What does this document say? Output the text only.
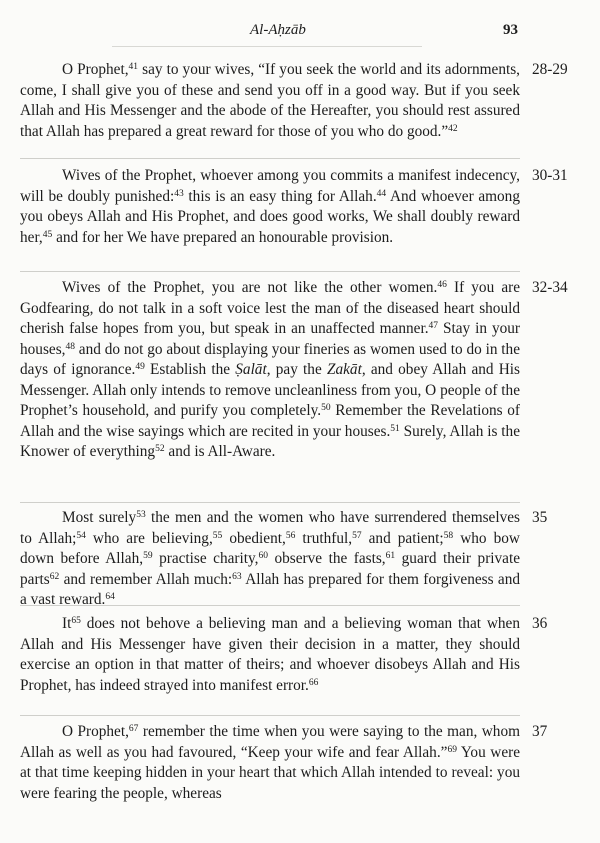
Al-Aḥzāb	93

O Prophet,$^{41}$ say to your wives, “If you seek the world and its adornments, come, I shall give you of these and send you off in a good way. But if you seek Allah and His Messenger and the abode of the Hereafter, you should rest assured that Allah has prepared a great reward for those of you who do good.”$^{42}$

28-29

Wives of the Prophet, whoever among you commits a manifest indecency, will be doubly punished:$^{43}$ this is an easy thing for Allah.$^{44}$ And whoever among you obeys Allah and His Prophet, and does good works, We shall doubly reward her,$^{45}$ and for her We have prepared an honourable provision.

30-31

Wives of the Prophet, you are not like the other women.$^{46}$ If you are Godfearing, do not talk in a soft voice lest the man of the diseased heart should cherish false hopes from you, but speak in an unaffected manner.$^{47}$ Stay in your houses,$^{48}$ and do not go about displaying your fineries as women used to do in the days of ignorance.$^{49}$ Establish the Ṣalāt, pay the Zakāt, and obey Allah and His Messenger. Allah only intends to remove uncleanliness from you, O people of the Prophet’s household, and purify you completely.$^{50}$ Remember the Revelations of Allah and the wise sayings which are recited in your houses.$^{51}$ Surely, Allah is the Knower of everything$^{52}$ and is All-Aware.

32-34

Most surely$^{53}$ the men and the women who have surrendered themselves to Allah;$^{54}$ who are believing,$^{55}$ obedient,$^{56}$ truthful,$^{57}$ and patient;$^{58}$ who bow down before Allah,$^{59}$ practise charity,$^{60}$ observe the fasts,$^{61}$ guard their private parts$^{62}$ and remember Allah much:$^{63}$ Allah has prepared for them forgiveness and a vast reward.$^{64}$

35

It$^{65}$ does not behove a believing man and a believing woman that when Allah and His Messenger have given their decision in a matter, they should exercise an option in that matter of theirs; and whoever disobeys Allah and His Prophet, has indeed strayed into manifest error.$^{66}$

36

O Prophet,$^{67}$ remember the time when you were saying to the man, whom Allah as well as you had favoured, “Keep your wife and fear Allah.”$^{69}$ You were at that time keeping hidden in your heart that which Allah intended to reveal: you were fearing the people, whereas

37
